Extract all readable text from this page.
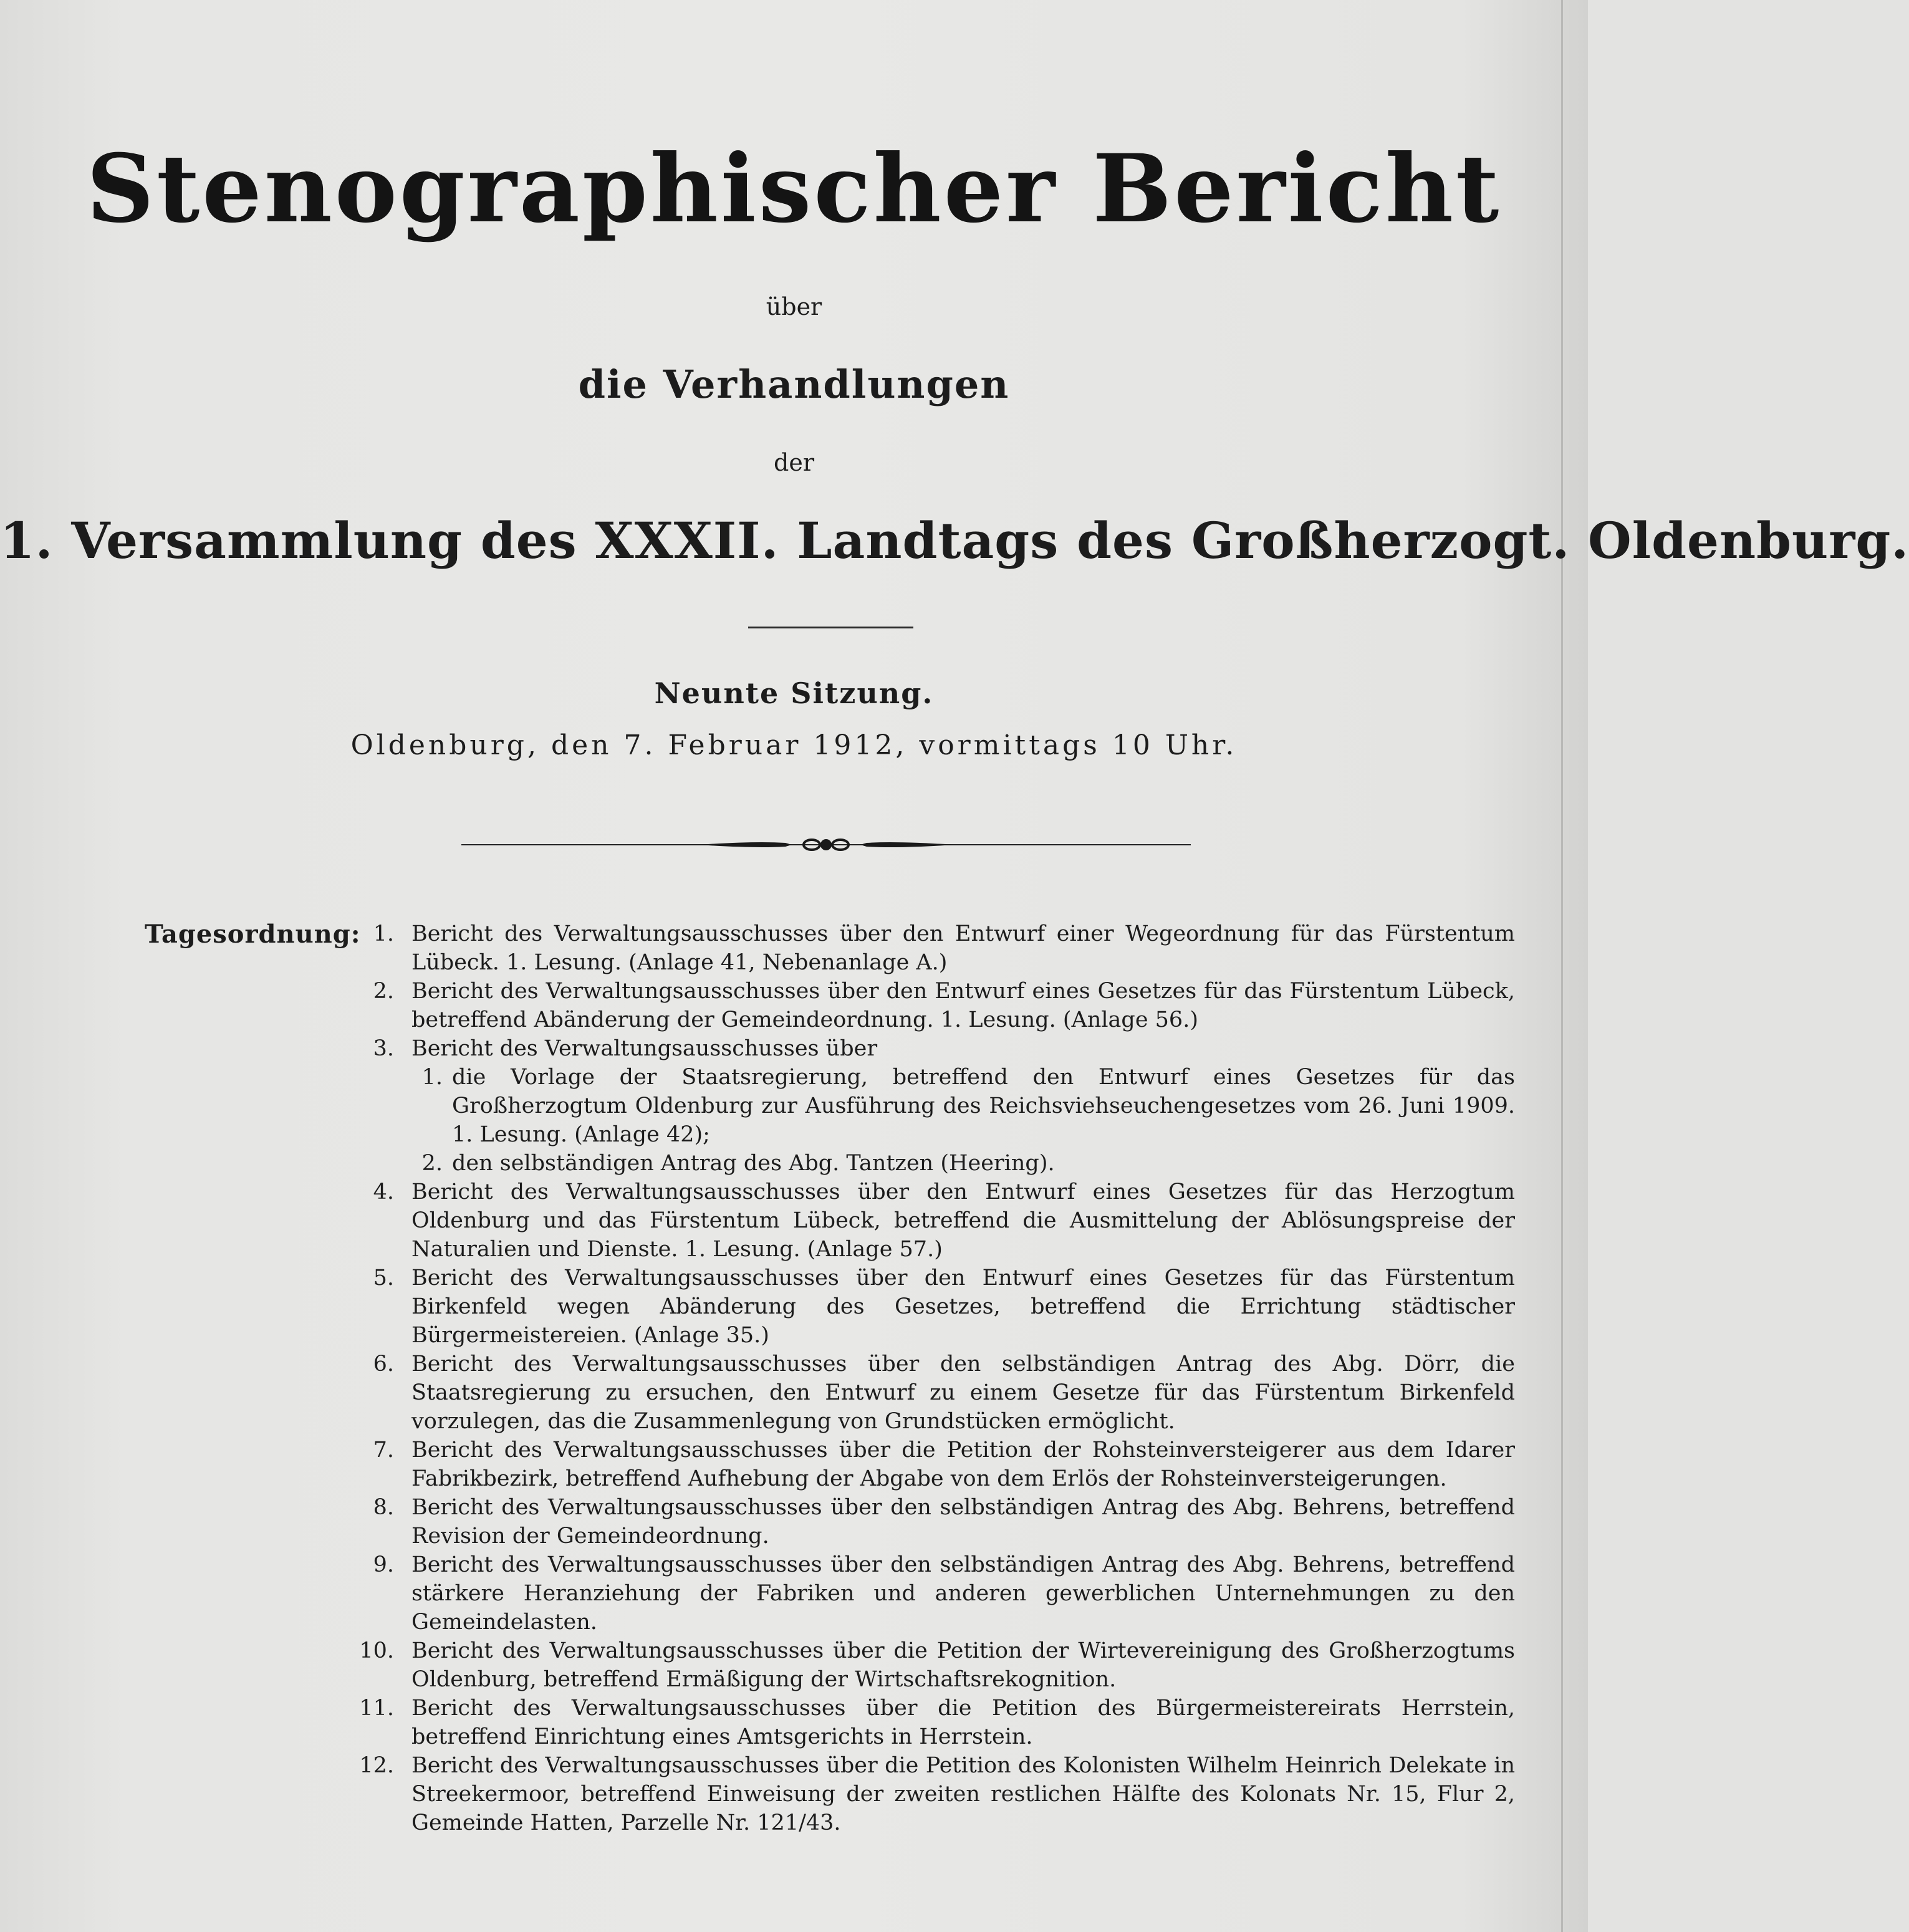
Stenographischer Bericht
über
die Verhandlungen
der
1. Versammlung des XXXII. Landtags des Großherzogt. Oldenburg.
Neunte Sitzung.
Oldenburg, den 7. Februar 1912, vormittags 10 Uhr.
Tagesordnung: 1. Bericht des Verwaltungsausschusses über den Entwurf einer Wegeordnung für das Fürstentum Lübeck. 1. Lesung. (Anlage 41, Nebenanlage A.)
2. Bericht des Verwaltungsausschusses über den Entwurf eines Gesetzes für das Fürstentum Lübeck, betreffend Abänderung der Gemeindeordnung. 1. Lesung. (Anlage 56.)
3. Bericht des Verwaltungsausschusses über
1. die Vorlage der Staatsregierung, betreffend den Entwurf eines Gesetzes für das Großherzogtum Oldenburg zur Ausführung des Reichsviehseuchengesetzes vom 26. Juni 1909. 1. Lesung. (Anlage 42);
2. den selbständigen Antrag des Abg. Tantzen (Heering).
4. Bericht des Verwaltungsausschusses über den Entwurf eines Gesetzes für das Herzogtum Oldenburg und das Fürstentum Lübeck, betreffend die Ausmittelung der Ablösungspreise der Naturalien und Dienste. 1. Lesung. (Anlage 57.)
5. Bericht des Verwaltungsausschusses über den Entwurf eines Gesetzes für das Fürstentum Birkenfeld wegen Abänderung des Gesetzes, betreffend die Errichtung städtischer Bürgermeistereien. (Anlage 35.)
6. Bericht des Verwaltungsausschusses über den selbständigen Antrag des Abg. Dörr, die Staatsregierung zu ersuchen, den Entwurf zu einem Gesetze für das Fürstentum Birkenfeld vorzulegen, das die Zusammenlegung von Grundstücken ermöglicht.
7. Bericht des Verwaltungsausschusses über die Petition der Rohsteinversteigerer aus dem Idarer Fabrikbezirk, betreffend Aufhebung der Abgabe von dem Erlös der Rohsteinversteigerungen.
8. Bericht des Verwaltungsausschusses über den selbständigen Antrag des Abg. Behrens, betreffend Revision der Gemeindeordnung.
9. Bericht des Verwaltungsausschusses über den selbständigen Antrag des Abg. Behrens, betreffend stärkere Heranziehung der Fabriken und anderen gewerblichen Unternehmungen zu den Gemeindelasten.
10. Bericht des Verwaltungsausschusses über die Petition der Wirtevereinigung des Großherzogtums Oldenburg, betreffend Ermäßigung der Wirtschaftsrekognition.
11. Bericht des Verwaltungsausschusses über die Petition des Bürgermeistereirats Herrstein, betreffend Einrichtung eines Amtsgerichts in Herrstein.
12. Bericht des Verwaltungsausschusses über die Petition des Kolonisten Wilhelm Heinrich Delekate in Streekermoor, betreffend Einweisung der zweiten restlichen Hälfte des Kolonats Nr. 15, Flur 2, Gemeinde Hatten, Parzelle Nr. 121/43.
